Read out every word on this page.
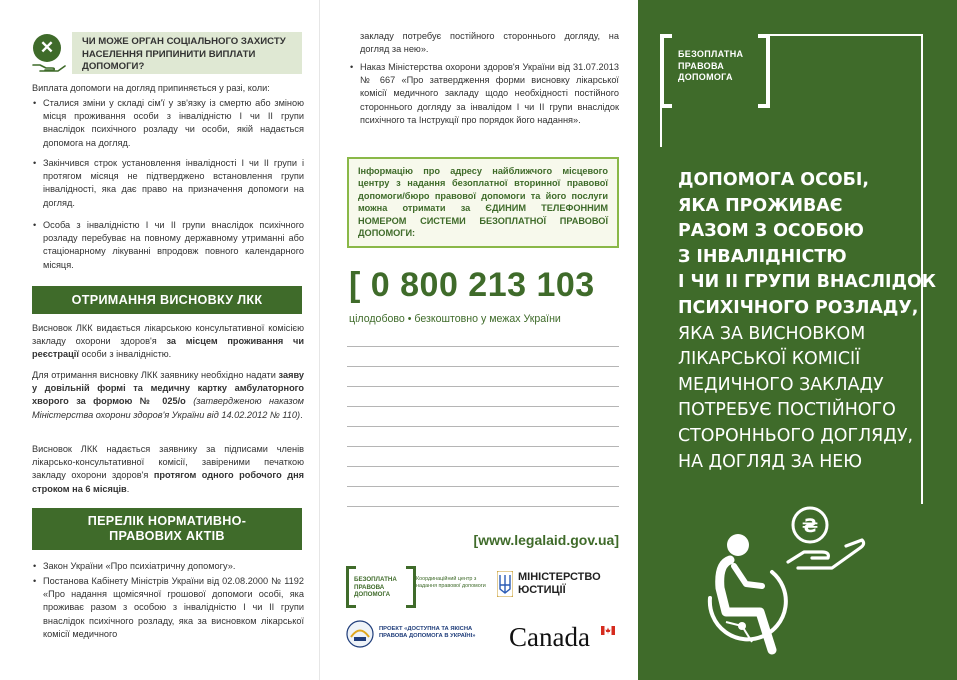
✕	ЧИ МОЖЕ ОРГАН СОЦІАЛЬНОГО ЗАХИСТУ НАСЕЛЕННЯ ПРИПИНИТИ ВИПЛАТИ ДОПОМОГИ?
Виплата допомоги на догляд припиняється у разі, коли:
• Сталися зміни у складі сім'ї у зв'язку із смертю або зміною місця проживання особи з інвалідністю I чи II групи внаслідок психічного розладу чи особи, якій надається допомога на догляд.
• Закінчився строк установлення інвалідності I чи II групи і протягом місяця не підтверджено встановлення групи інвалідності, яка дає право на призначення допомоги на догляд.
• Особа з інвалідністю I чи II групи внаслідок психічного розладу перебуває на повному державному утриманні або стаціонарному лікуванні впродовж повного календарного місяця.
ОТРИМАННЯ ВИСНОВКУ ЛКК
Висновок ЛКК видається лікарською консультативної комісією закладу охорони здоров'я за місцем проживання чи реєстрації особи з інвалідністю.
Для отримання висновку ЛКК заявнику необхідно надати заяву у довільній формі та медичну картку амбулаторного хворого за формою № 025/о (затвердженою наказом Міністерства охорони здоров'я України від 14.02.2012 № 110).
Висновок ЛКК надається заявнику за підписами членів лікарсько-консультативної комісії, завіреними печаткою закладу охорони здоров'я протягом одного робочого дня строком на 6 місяців.
ПЕРЕЛІК НОРМАТИВНО-
ПРАВОВИХ АКТІВ
• Закон України «Про психіатричну допомогу».
• Постанова Кабінету Міністрів України від 02.08.2000 № 1192 «Про надання щомісячної грошової допомоги особі, яка проживає разом з особою з інвалідністю I чи II групи внаслідок психічного розладу, яка за висновком лікарської комісії медичного
закладу потребує постійного стороннього догляду, на догляд за нею».
• Наказ Міністерства охорони здоров'я України від 31.07.2013 № 667 «Про затвердження форми висновку лікарської комісії медичного закладу щодо необхідності постійного стороннього догляду за інвалідом I чи II групи внаслідок психічного та Інструкції про порядок його надання».
Інформацію про адресу найближчого місцевого центру з надання безоплатної вторинної правової допомоги/бюро правової допомоги та його послуги можна отримати за ЄДИНИМ ТЕЛЕФОННИМ НОМЕРОМ СИСТЕМИ БЕЗОПЛАТНОЇ ПРАВОВОЇ ДОПОМОГИ:
[ 0 800 213 103
цілодобово • безкоштовно у межах України
[www.legalaid.gov.ua]
БЕЗОПЛАТНА ПРАВОВА ДОПОМОГА
Координаційний центр з надання правової допомоги
МІНІСТЕРСТВО ЮСТИЦІЇ
ПРОЕКТ «ДОСТУПНА ТА ЯКІСНА ПРАВОВА ДОПОМОГА В УКРАЇНІ»	Canada
БЕЗОПЛАТНА ПРАВОВА ДОПОМОГА
ДОПОМОГА ОСОБІ,
ЯКА ПРОЖИВАЄ
РАЗОМ З ОСОБОЮ
З ІНВАЛІДНІСТЮ
І ЧИ ІІ ГРУПИ ВНАСЛІДОК
ПСИХІЧНОГО РОЗЛАДУ,
ЯКА ЗА ВИСНОВКОМ
ЛІКАРСЬКОЇ КОМІСІЇ
МЕДИЧНОГО ЗАКЛАДУ
ПОТРЕБУЄ ПОСТІЙНОГО
СТОРОННЬОГО ДОГЛЯДУ,
НА ДОГЛЯД ЗА НЕЮ
₴
